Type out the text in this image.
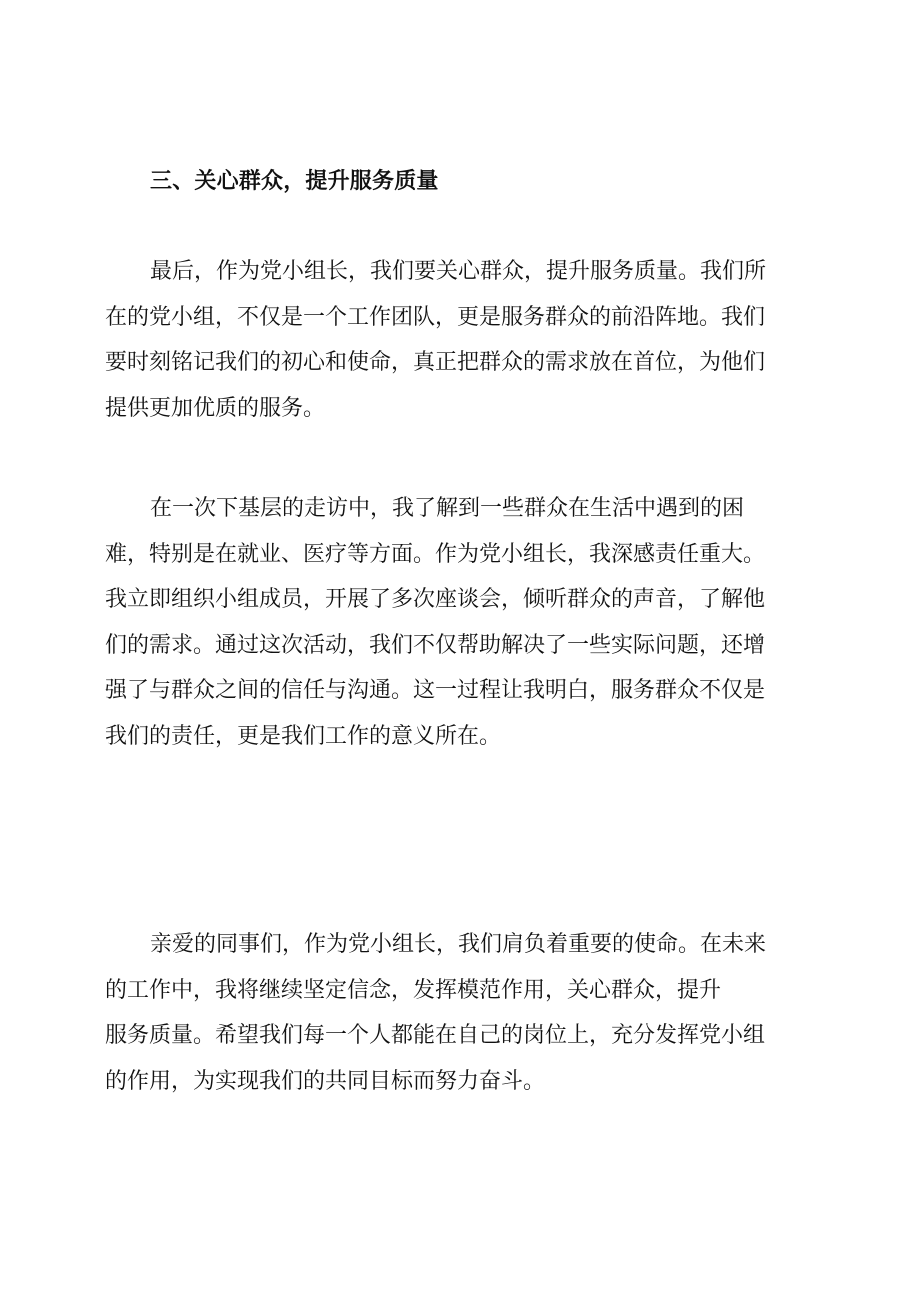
三、关心群众，提升服务质量

最后，作为党小组长，我们要关心群众，提升服务质量。我们所
在的党小组，不仅是一个工作团队，更是服务群众的前沿阵地。我们
要时刻铭记我们的初心和使命，真正把群众的需求放在首位，为他们
提供更加优质的服务。

在一次下基层的走访中，我了解到一些群众在生活中遇到的困
难，特别是在就业、医疗等方面。作为党小组长，我深感责任重大。
我立即组织小组成员，开展了多次座谈会，倾听群众的声音，了解他
们的需求。通过这次活动，我们不仅帮助解决了一些实际问题，还增
强了与群众之间的信任与沟通。这一过程让我明白，服务群众不仅是
我们的责任，更是我们工作的意义所在。

亲爱的同事们，作为党小组长，我们肩负着重要的使命。在未来
的工作中，我将继续坚定信念，发挥模范作用，关心群众，提升
服务质量。希望我们每一个人都能在自己的岗位上，充分发挥党小组
的作用，为实现我们的共同目标而努力奋斗。
